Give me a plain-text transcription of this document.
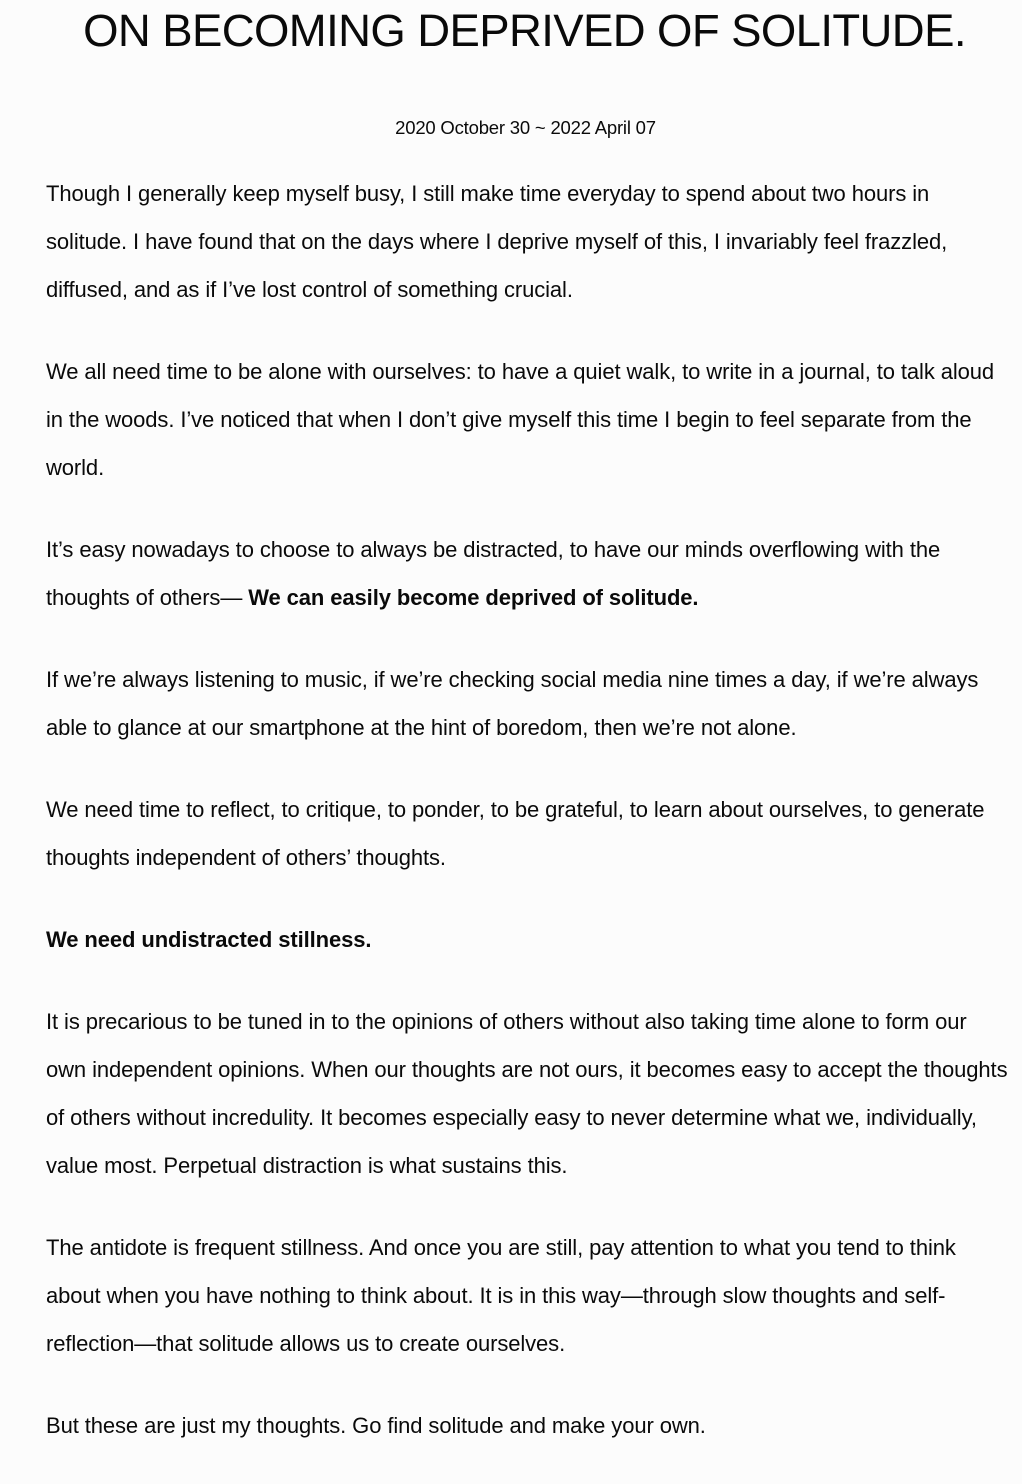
ON BECOMING DEPRIVED OF SOLITUDE.
2020 October 30 ~ 2022 April 07

Though I generally keep myself busy, I still make time everyday to spend about two hours in solitude. I have found that on the days where I deprive myself of this, I invariably feel frazzled, diffused, and as if I’ve lost control of something crucial.

We all need time to be alone with ourselves: to have a quiet walk, to write in a journal, to talk aloud in the woods. I’ve noticed that when I don’t give myself this time I begin to feel separate from the world.

It’s easy nowadays to choose to always be distracted, to have our minds overflowing with the thoughts of others— We can easily become deprived of solitude.

If we’re always listening to music, if we’re checking social media nine times a day, if we’re always able to glance at our smartphone at the hint of boredom, then we’re not alone.

We need time to reflect, to critique, to ponder, to be grateful, to learn about ourselves, to generate thoughts independent of others’ thoughts.

We need undistracted stillness.

It is precarious to be tuned in to the opinions of others without also taking time alone to form our own independent opinions. When our thoughts are not ours, it becomes easy to accept the thoughts of others without incredulity. It becomes especially easy to never determine what we, individually, value most. Perpetual distraction is what sustains this.

The antidote is frequent stillness. And once you are still, pay attention to what you tend to think about when you have nothing to think about. It is in this way—through slow thoughts and self-reflection—that solitude allows us to create ourselves.

But these are just my thoughts. Go find solitude and make your own.
